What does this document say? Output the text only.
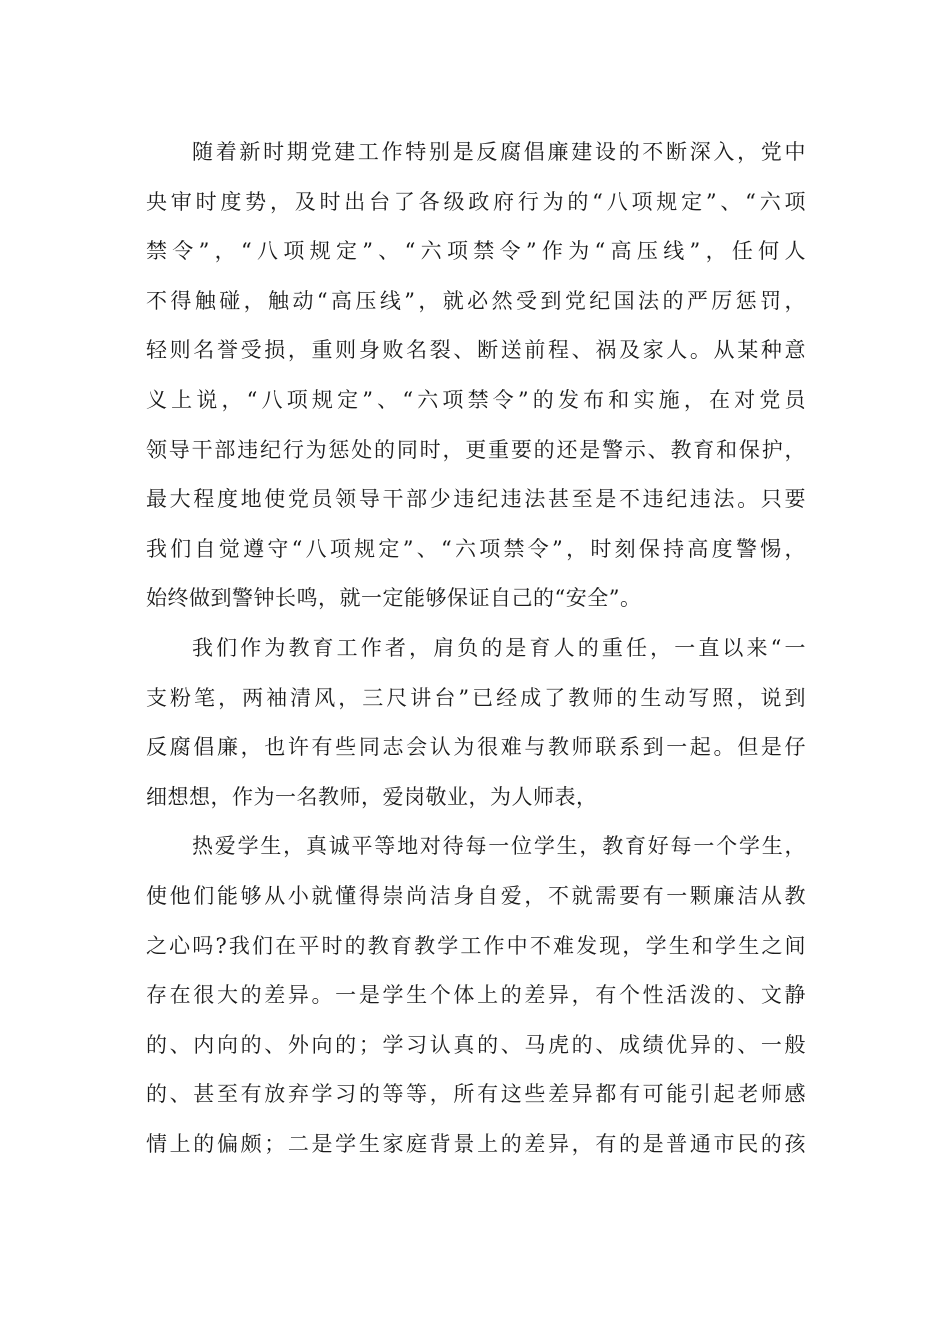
随着新时期党建工作特别是反腐倡廉建设的不断深入，党中
央审时度势，及时出台了各级政府行为的“八项规定”、“六项
禁令”，“八项规定”、“六项禁令”作为“高压线”，任何人
不得触碰，触动“高压线”，就必然受到党纪国法的严厉惩罚，
轻则名誉受损，重则身败名裂、断送前程、祸及家人。从某种意
义上说，“八项规定”、“六项禁令”的发布和实施，在对党员
领导干部违纪行为惩处的同时，更重要的还是警示、教育和保护，
最大程度地使党员领导干部少违纪违法甚至是不违纪违法。只要
我们自觉遵守“八项规定”、“六项禁令”，时刻保持高度警惕，
始终做到警钟长鸣，就一定能够保证自己的“安全”。
我们作为教育工作者，肩负的是育人的重任，一直以来“一
支粉笔，两袖清风，三尺讲台”已经成了教师的生动写照，说到
反腐倡廉，也许有些同志会认为很难与教师联系到一起。但是仔
细想想，作为一名教师，爱岗敬业，为人师表，
热爱学生，真诚平等地对待每一位学生，教育好每一个学生，
使他们能够从小就懂得崇尚洁身自爱，不就需要有一颗廉洁从教
之心吗?我们在平时的教育教学工作中不难发现，学生和学生之间
存在很大的差异。一是学生个体上的差异，有个性活泼的、文静
的、内向的、外向的；学习认真的、马虎的、成绩优异的、一般
的、甚至有放弃学习的等等，所有这些差异都有可能引起老师感
情上的偏颇；二是学生家庭背景上的差异，有的是普通市民的孩
